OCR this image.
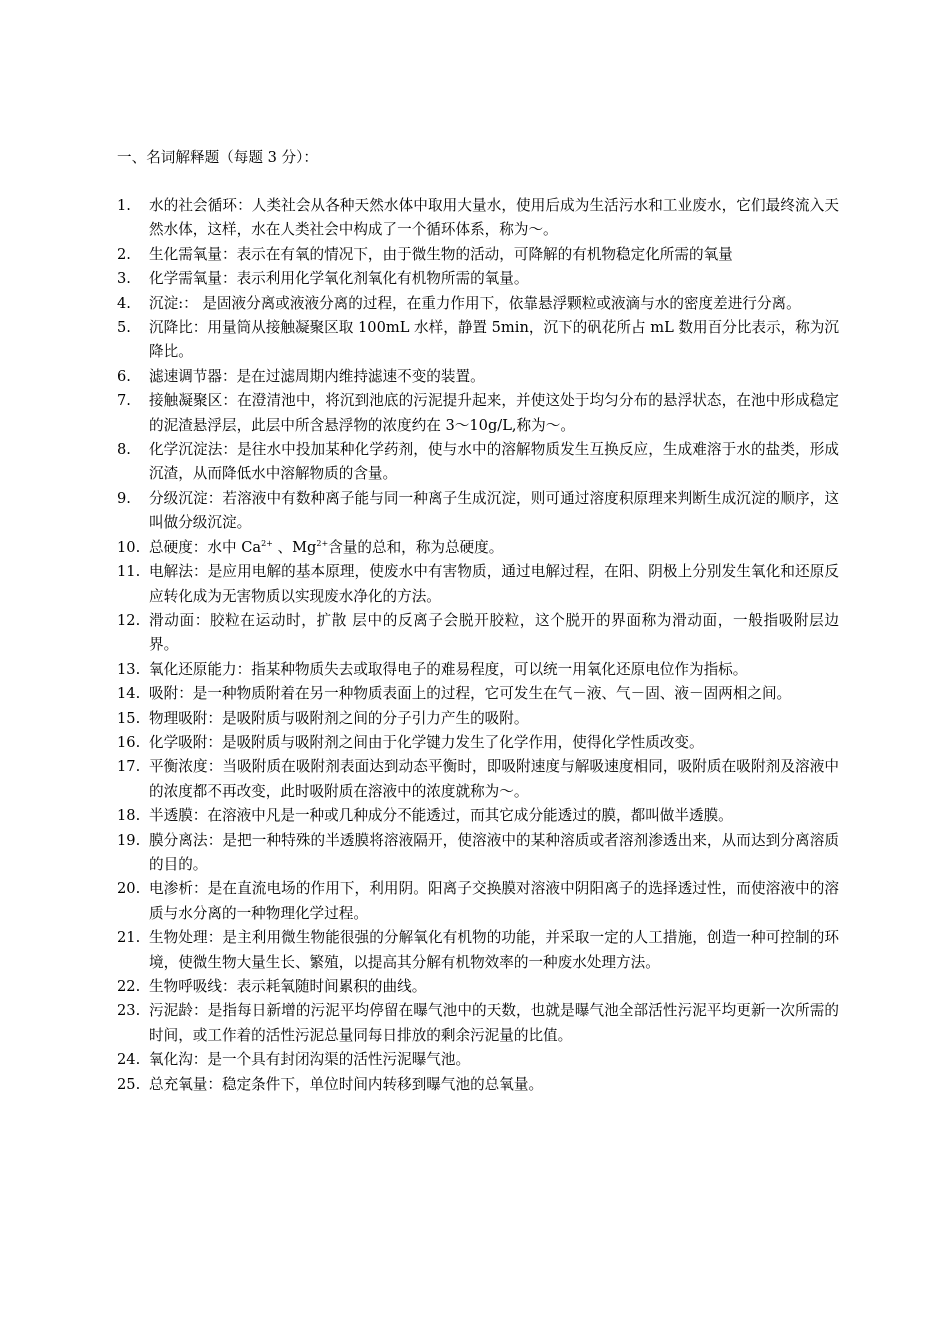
一、名词解释题（每题 3 分）：
1.	水的社会循环：人类社会从各种天然水体中取用大量水，使用后成为生活污水和工业废水，它们最终流入天然水体，这样，水在人类社会中构成了一个循环体系，称为～。
2.	生化需氧量：表示在有氧的情况下，由于微生物的活动，可降解的有机物稳定化所需的氧量
3.	化学需氧量：表示利用化学氧化剂氧化有机物所需的氧量。
4.	沉淀:： 是固液分离或液液分离的过程，在重力作用下，依靠悬浮颗粒或液滴与水的密度差进行分离。
5.	沉降比：用量筒从接触凝聚区取 100mL 水样，静置 5min，沉下的矾花所占 mL 数用百分比表示，称为沉降比。
6.	滤速调节器：是在过滤周期内维持滤速不变的装置。
7.	接触凝聚区：在澄清池中，将沉到池底的污泥提升起来，并使这处于均匀分布的悬浮状态，在池中形成稳定的泥渣悬浮层，此层中所含悬浮物的浓度约在 3～10g/L,称为～。
8.	化学沉淀法：是往水中投加某种化学药剂，使与水中的溶解物质发生互换反应，生成难溶于水的盐类，形成沉渣，从而降低水中溶解物质的含量。
9.	分级沉淀：若溶液中有数种离子能与同一种离子生成沉淀，则可通过溶度积原理来判断生成沉淀的顺序，这叫做分级沉淀。
10. 总硬度：水中 $Ca^{2+}$ 、$Mg^{2+}$含量的总和，称为总硬度。
11. 电解法：是应用电解的基本原理，使废水中有害物质，通过电解过程，在阳、阴极上分别发生氧化和还原反应转化成为无害物质以实现废水净化的方法。
12. 滑动面：胶粒在运动时，扩散 层中的反离子会脱开胶粒，这个脱开的界面称为滑动面，一般指吸附层边界。
13. 氧化还原能力：指某种物质失去或取得电子的难易程度，可以统一用氧化还原电位作为指标。
14. 吸附：是一种物质附着在另一种物质表面上的过程，它可发生在气－液、气－固、液－固两相之间。
15. 物理吸附：是吸附质与吸附剂之间的分子引力产生的吸附。
16. 化学吸附：是吸附质与吸附剂之间由于化学键力发生了化学作用，使得化学性质改变。
17. 平衡浓度：当吸附质在吸附剂表面达到动态平衡时，即吸附速度与解吸速度相同，吸附质在吸附剂及溶液中的浓度都不再改变，此时吸附质在溶液中的浓度就称为～。
18. 半透膜：在溶液中凡是一种或几种成分不能透过，而其它成分能透过的膜，都叫做半透膜。
19. 膜分离法：是把一种特殊的半透膜将溶液隔开，使溶液中的某种溶质或者溶剂渗透出来，从而达到分离溶质的目的。
20. 电渗析：是在直流电场的作用下，利用阴。阳离子交换膜对溶液中阴阳离子的选择透过性，而使溶液中的溶质与水分离的一种物理化学过程。
21. 生物处理：是主利用微生物能很强的分解氧化有机物的功能，并采取一定的人工措施，创造一种可控制的环境，使微生物大量生长、繁殖，以提高其分解有机物效率的一种废水处理方法。
22. 生物呼吸线：表示耗氧随时间累积的曲线。
23. 污泥龄：是指每日新增的污泥平均停留在曝气池中的天数，也就是曝气池全部活性污泥平均更新一次所需的时间，或工作着的活性污泥总量同每日排放的剩余污泥量的比值。
24. 氧化沟：是一个具有封闭沟渠的活性污泥曝气池。
25. 总充氧量：稳定条件下，单位时间内转移到曝气池的总氧量。
